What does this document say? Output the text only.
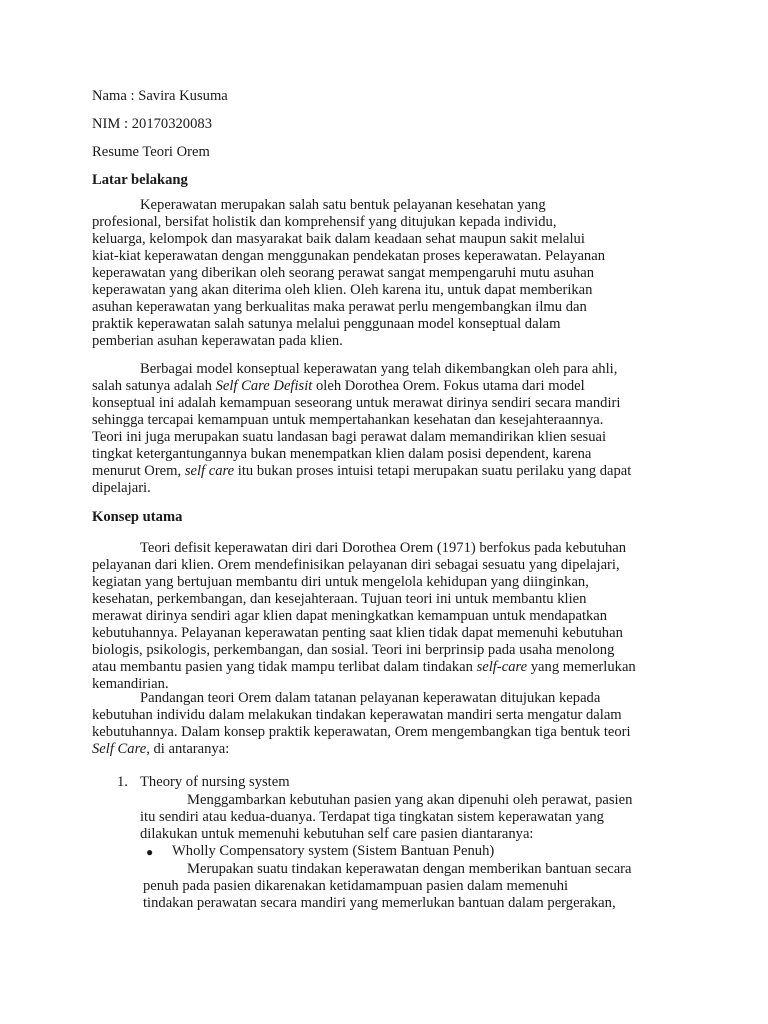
Nama : Savira Kusuma
NIM : 20170320083
Resume Teori Orem
Latar belakang
Keperawatan merupakan salah satu bentuk pelayanan kesehatan yang
profesional, bersifat holistik dan komprehensif yang ditujukan kepada individu,
keluarga, kelompok dan masyarakat baik dalam keadaan sehat maupun sakit melalui
kiat-kiat keperawatan dengan menggunakan pendekatan proses keperawatan. Pelayanan
keperawatan yang diberikan oleh seorang perawat sangat mempengaruhi mutu asuhan
keperawatan yang akan diterima oleh klien. Oleh karena itu, untuk dapat memberikan
asuhan keperawatan yang berkualitas maka perawat perlu mengembangkan ilmu dan
praktik keperawatan salah satunya melalui penggunaan model konseptual dalam
pemberian asuhan keperawatan pada klien.
Berbagai model konseptual keperawatan yang telah dikembangkan oleh para ahli,
salah satunya adalah Self Care Defisit oleh Dorothea Orem. Fokus utama dari model
konseptual ini adalah kemampuan seseorang untuk merawat dirinya sendiri secara mandiri
sehingga tercapai kemampuan untuk mempertahankan kesehatan dan kesejahteraannya.
Teori ini juga merupakan suatu landasan bagi perawat dalam memandirikan klien sesuai
tingkat ketergantungannya bukan menempatkan klien dalam posisi dependent, karena
menurut Orem, self care itu bukan proses intuisi tetapi merupakan suatu perilaku yang dapat
dipelajari.
Konsep utama
Teori defisit keperawatan diri dari Dorothea Orem (1971) berfokus pada kebutuhan
pelayanan dari klien. Orem mendefinisikan pelayanan diri sebagai sesuatu yang dipelajari,
kegiatan yang bertujuan membantu diri untuk mengelola kehidupan yang diinginkan,
kesehatan, perkembangan, dan kesejahteraan. Tujuan teori ini untuk membantu klien
merawat dirinya sendiri agar klien dapat meningkatkan kemampuan untuk mendapatkan
kebutuhannya. Pelayanan keperawatan penting saat klien tidak dapat memenuhi kebutuhan
biologis, psikologis, perkembangan, dan sosial. Teori ini berprinsip pada usaha menolong
atau membantu pasien yang tidak mampu terlibat dalam tindakan self-care yang memerlukan
kemandirian.
Pandangan teori Orem dalam tatanan pelayanan keperawatan ditujukan kepada
kebutuhan individu dalam melakukan tindakan keperawatan mandiri serta mengatur dalam
kebutuhannya. Dalam konsep praktik keperawatan, Orem mengembangkan tiga bentuk teori
Self Care, di antaranya:
1. Theory of nursing system
Menggambarkan kebutuhan pasien yang akan dipenuhi oleh perawat, pasien
itu sendiri atau kedua-duanya. Terdapat tiga tingkatan sistem keperawatan yang
dilakukan untuk memenuhi kebutuhan self care pasien diantaranya:
● Wholly Compensatory system (Sistem Bantuan Penuh)
Merupakan suatu tindakan keperawatan dengan memberikan bantuan secara
penuh pada pasien dikarenakan ketidamampuan pasien dalam memenuhi
tindakan perawatan secara mandiri yang memerlukan bantuan dalam pergerakan,
